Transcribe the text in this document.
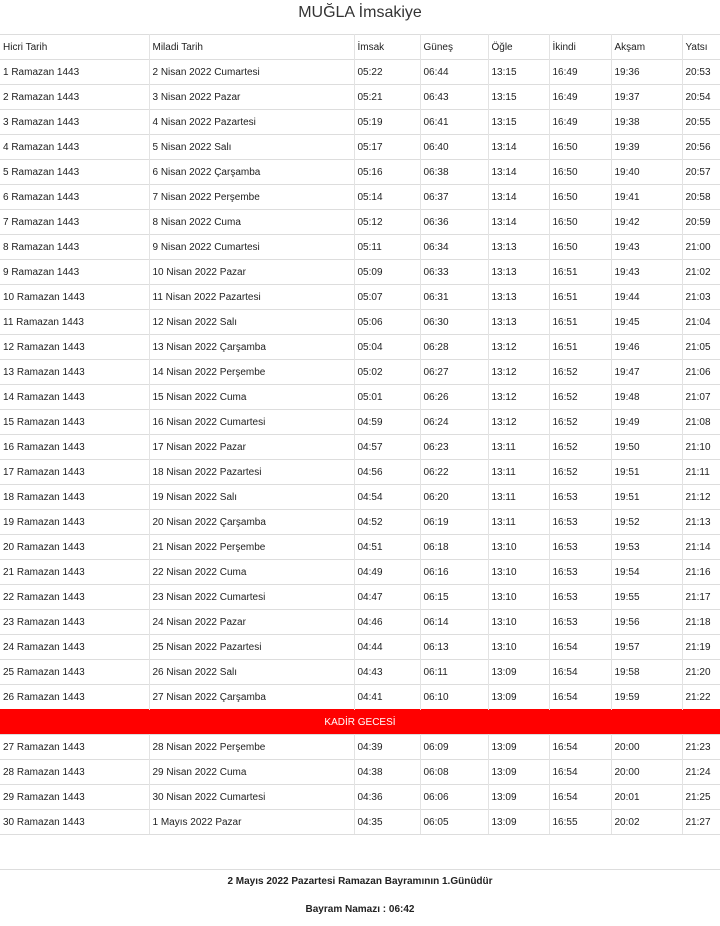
MUĞLA İmsakiye
Hicri Tarih	Miladi Tarih	İmsak	Güneş	Öğle	İkindi	Akşam	Yatsı
1 Ramazan 1443	2 Nisan 2022 Cumartesi	05:22	06:44	13:15	16:49	19:36	20:53
2 Ramazan 1443	3 Nisan 2022 Pazar	05:21	06:43	13:15	16:49	19:37	20:54
3 Ramazan 1443	4 Nisan 2022 Pazartesi	05:19	06:41	13:15	16:49	19:38	20:55
4 Ramazan 1443	5 Nisan 2022 Salı	05:17	06:40	13:14	16:50	19:39	20:56
5 Ramazan 1443	6 Nisan 2022 Çarşamba	05:16	06:38	13:14	16:50	19:40	20:57
6 Ramazan 1443	7 Nisan 2022 Perşembe	05:14	06:37	13:14	16:50	19:41	20:58
7 Ramazan 1443	8 Nisan 2022 Cuma	05:12	06:36	13:14	16:50	19:42	20:59
8 Ramazan 1443	9 Nisan 2022 Cumartesi	05:11	06:34	13:13	16:50	19:43	21:00
9 Ramazan 1443	10 Nisan 2022 Pazar	05:09	06:33	13:13	16:51	19:43	21:02
10 Ramazan 1443	11 Nisan 2022 Pazartesi	05:07	06:31	13:13	16:51	19:44	21:03
11 Ramazan 1443	12 Nisan 2022 Salı	05:06	06:30	13:13	16:51	19:45	21:04
12 Ramazan 1443	13 Nisan 2022 Çarşamba	05:04	06:28	13:12	16:51	19:46	21:05
13 Ramazan 1443	14 Nisan 2022 Perşembe	05:02	06:27	13:12	16:52	19:47	21:06
14 Ramazan 1443	15 Nisan 2022 Cuma	05:01	06:26	13:12	16:52	19:48	21:07
15 Ramazan 1443	16 Nisan 2022 Cumartesi	04:59	06:24	13:12	16:52	19:49	21:08
16 Ramazan 1443	17 Nisan 2022 Pazar	04:57	06:23	13:11	16:52	19:50	21:10
17 Ramazan 1443	18 Nisan 2022 Pazartesi	04:56	06:22	13:11	16:52	19:51	21:11
18 Ramazan 1443	19 Nisan 2022 Salı	04:54	06:20	13:11	16:53	19:51	21:12
19 Ramazan 1443	20 Nisan 2022 Çarşamba	04:52	06:19	13:11	16:53	19:52	21:13
20 Ramazan 1443	21 Nisan 2022 Perşembe	04:51	06:18	13:10	16:53	19:53	21:14
21 Ramazan 1443	22 Nisan 2022 Cuma	04:49	06:16	13:10	16:53	19:54	21:16
22 Ramazan 1443	23 Nisan 2022 Cumartesi	04:47	06:15	13:10	16:53	19:55	21:17
23 Ramazan 1443	24 Nisan 2022 Pazar	04:46	06:14	13:10	16:53	19:56	21:18
24 Ramazan 1443	25 Nisan 2022 Pazartesi	04:44	06:13	13:10	16:54	19:57	21:19
25 Ramazan 1443	26 Nisan 2022 Salı	04:43	06:11	13:09	16:54	19:58	21:20
26 Ramazan 1443	27 Nisan 2022 Çarşamba	04:41	06:10	13:09	16:54	19:59	21:22
KADİR GECESİ							
27 Ramazan 1443	28 Nisan 2022 Perşembe	04:39	06:09	13:09	16:54	20:00	21:23
28 Ramazan 1443	29 Nisan 2022 Cuma	04:38	06:08	13:09	16:54	20:00	21:24
29 Ramazan 1443	30 Nisan 2022 Cumartesi	04:36	06:06	13:09	16:54	20:01	21:25
30 Ramazan 1443	1 Mayıs 2022 Pazar	04:35	06:05	13:09	16:55	20:02	21:27
2 Mayıs 2022 Pazartesi Ramazan Bayramının 1.Günüdür
Bayram Namazı : 06:42
